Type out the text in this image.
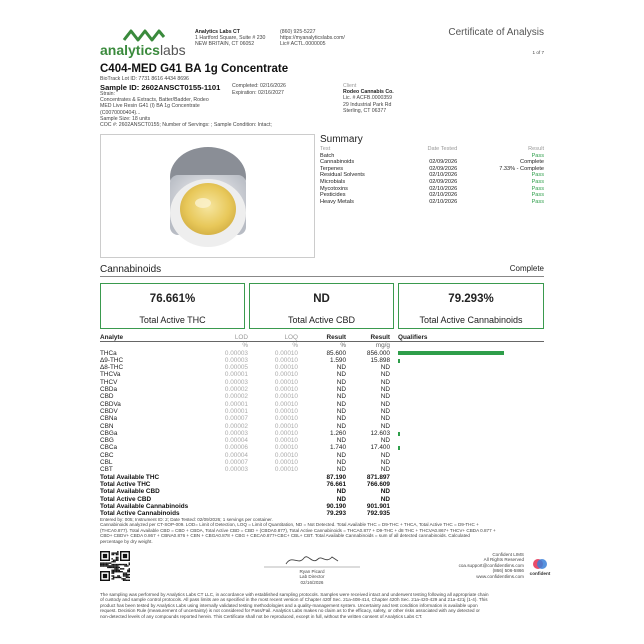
analyticslabs
Analytics Labs CT
1 Hartford Square, Suite # 230
NEW BRITAIN, CT 06052
(860) 925-5227
https://myanalyticslabs.com/
Lic# ACTL.0000005
Certificate of Analysis
1 of 7
C404-MED G41 BA 1g Concentrate
BioTrack Lot ID: 7731 8616 4434 8696
Sample ID: 2602ANSCT0155-1101 Completed: 02/16/2026
Expiration: 02/16/2027
Strain:
Concentrates & Extracts, Batter/Badder, Rodeo
MED Live Resin G41 (I) BA 1g Concentrate
(C0070000404)...
Sample Size: 18 units
COC #: 2602ANSCT0155; Number of Servings: ; Sample Condition: Intact;
Client
Rodeo Cannabis Co.
Lic. # ACFB.0000359
29 Industrial Park Rd
Sterling, CT 06377
Summary
Test	Date Tested	Result
Batch		Pass
Cannabinoids	02/09/2026	Complete
Terpenes	02/09/2026	7.33% - Complete
Residual Solvents	02/10/2026	Pass
Microbials	02/09/2026	Pass
Mycotoxins	02/10/2026	Pass
Pesticides	02/10/2026	Pass
Heavy Metals	02/10/2026	Pass
Cannabinoids	Complete
76.661%
Total Active THC
ND
Total Active CBD
79.293%
Total Active Cannabinoids
Analyte	LOD	LOQ	Result	Result	Qualifiers
	%	%	%	mg/g	
THCa	0.00003	0.00010	85.600	856.000	

Δ9-THC	0.00003	0.00010	1.590	15.898	

Δ8-THC	0.00005	0.00010	ND	ND	

THCVa	0.00001	0.00010	ND	ND	

THCV	0.00003	0.00010	ND	ND	

CBDa	0.00002	0.00010	ND	ND	

CBD	0.00002	0.00010	ND	ND	

CBDVa	0.00001	0.00010	ND	ND	

CBDV	0.00001	0.00010	ND	ND	

CBNa	0.00007	0.00010	ND	ND	

CBN	0.00002	0.00010	ND	ND	

CBGa	0.00003	0.00010	1.260	12.603	

CBG	0.00004	0.00010	ND	ND	

CBCa	0.00006	0.00010	1.740	17.400	

CBC	0.00004	0.00010	ND	ND	

CBL	0.00007	0.00010	ND	ND	

CBT	0.00003	0.00010	ND	ND	

Total Available THC			87.190	871.897	
Total Active THC			76.661	766.609	
Total Available CBD			ND	ND	
Total Active CBD			ND	ND	
Total Available Cannabinoids			90.190	901.901	
Total Active Cannabinoids			79.293	792.935	
Entered by: 005; Instrument ID: 2; Date Tested: 02/09/2026; 1 servings per container.
Cannabinoids analyzed per CT-SOP-009. LOD= Limit of Detection, LOQ = Limit of Quantitation, ND = Not Detected. Total Available THC = D9-THC + THCA, Total Active THC = D9-THC +
(THCA0.877). Total Available CBD = CBD + CBDA, Total Active CBD = CBD + (CBDA0.877), Total Active Cannabinoids = THCA0.877 + D9-THC + d8 THC + THCVA0.867+ THCV+ CBDA 0.877 +
CBD+ CBDV+ CBDA 0.867 + CBNA0.876 + CBN + CBGA0.878 + CBG + CBCA0.877+CBC+ CBL+ CBT. Total Available Cannabinoids = sum of all detected cannabinoids. Calculated
percentage by dry weight.
Ryan Picard
Lab Director
02/16/2026
Confident LIMS
All Rights Reserved
coa.support@confidentlims.com
(866) 506-5866
www.confidentlims.com
confident
The sampling was performed by Analytics Labs CT LLC, in accordance with established sampling protocols. Samples were received intact and underwent testing following all appropriate chain
of custody and sample control protocols. All pass limits are as specified in the most recent version of Chapter 420f Sec. 21a-408-414, Chapter 420h Sec. 21a-420-429 and 21a-421j (1-4). This
product has been tested by Analytics Labs using internally validated testing methodologies and a quality-management system. Uncertainty and test condition information is available upon
request. Decision Rule (measurement of uncertainty) is not considered for Pass/Fail. Analytics Labs makes no claim as to the efficacy, safety, or other risks associated with any detected or
non-detected levels of any compounds reported herein. This Certificate shall not be reproduced, except in full, without the written consent of Analytics Labs CT.
